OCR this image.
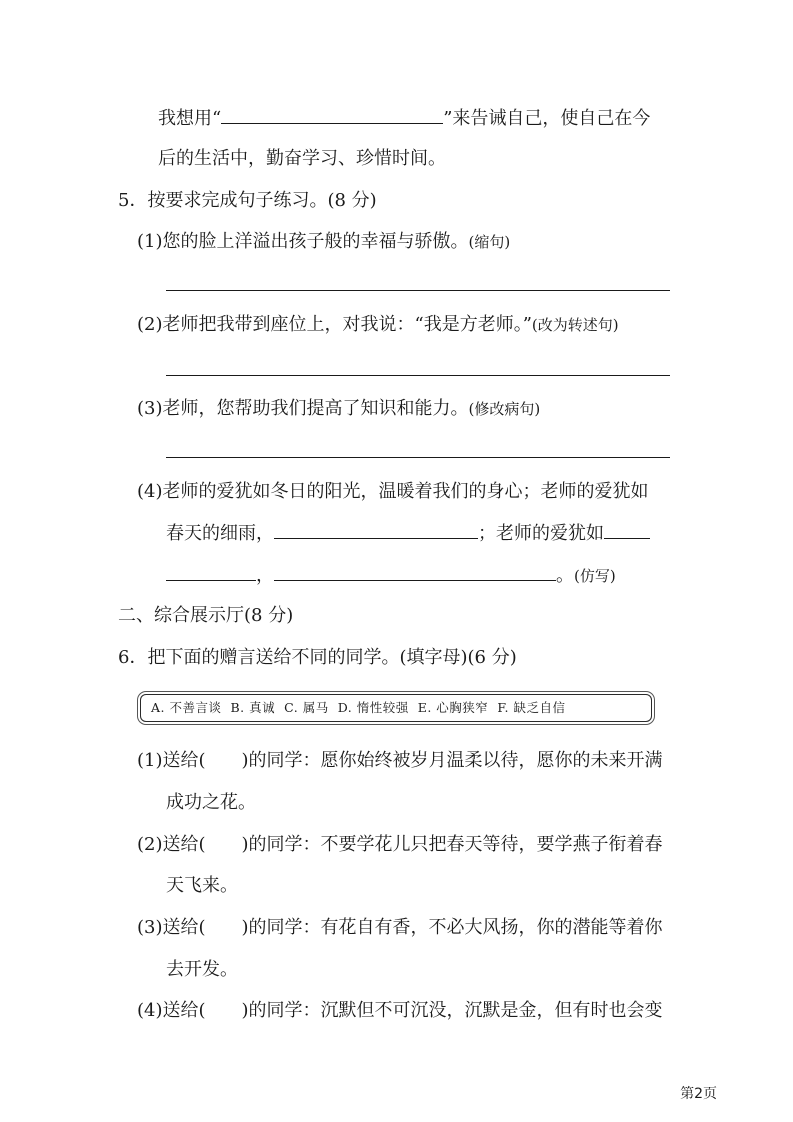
我想用“	”来告诫自己，使自己在今
后的生活中，勤奋学习、珍惜时间。
5．按要求完成句子练习。(8 分)
(1)您的脸上洋溢出孩子般的幸福与骄傲。(缩句)
(2)老师把我带到座位上，对我说：“我是方老师。”(改为转述句)
(3)老师，您帮助我们提高了知识和能力。(修改病句)
(4)老师的爱犹如冬日的阳光，温暖着我们的身心；老师的爱犹如
春天的细雨，	；老师的爱犹如
，	。(仿写)
二、综合展示厅(8 分)
6．把下面的赠言送给不同的同学。(填字母)(6 分)
A. 不善言谈 B. 真诚 C. 属马 D. 惰性较强 E. 心胸狭窄 F. 缺乏自信
(1)送给( )的同学：愿你始终被岁月温柔以待，愿你的未来开满
成功之花。
(2)送给( )的同学：不要学花儿只把春天等待，要学燕子衔着春
天飞来。
(3)送给( )的同学：有花自有香，不必大风扬，你的潜能等着你
去开发。
(4)送给( )的同学：沉默但不可沉没，沉默是金，但有时也会变
第2页
